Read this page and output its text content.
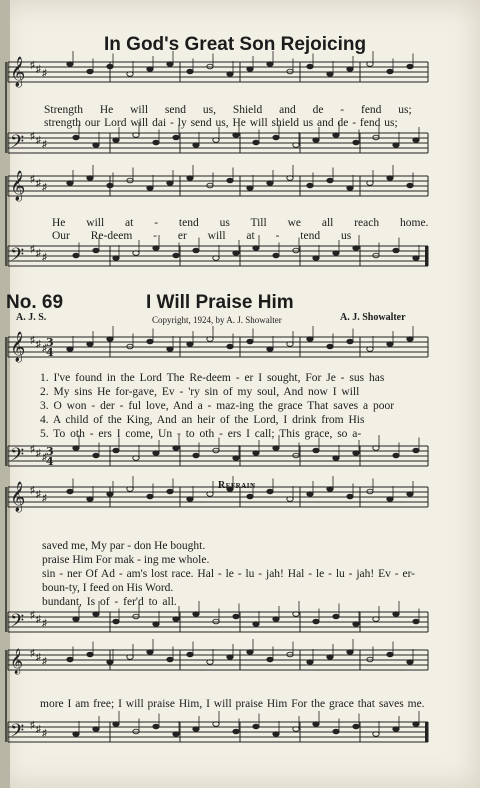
𝄞 ♯ ♯ ♯
𝄢 ♯ ♯ ♯
𝄞 ♯ ♯ ♯
𝄢 ♯ ♯ ♯
𝄞 ♯ ♯ ♯
𝄢 ♯ ♯ ♯
𝄞 ♯ ♯ ♯
𝄢 ♯ ♯ ♯
𝄞 ♯ ♯ ♯
𝄢 ♯ ♯ ♯
3
4
3
4
In God's Great Son Rejoicing
Strength He will send us, Shield and de - fend us;
strength our Lord will dai - ly send us, He will shield us and de - fend us;
He will at - tend us Till we all reach home.
Our Re-deem - er will at - tend us
No. 69	I Will Praise Him
A. J. S.	Copyright, 1924, by A. J. Showalter	A. J. Showalter
1. I've found in the Lord The Re-deem - er I sought, For Je - sus has
2. My sins He for-gave, Ev - 'ry sin of my soul, And now I will
3. O won - der - ful love, And a - maz-ing the grace That saves a poor
4. A child of the King, And an heir of the Lord, I drink from His
5. To oth - ers I come, Un - to oth - ers I call; This grace, so a-
Refrain
saved me, My par - don He bought.
praise Him For mak - ing me whole.
sin - ner Of Ad - am's lost race. Hal - le - lu - jah! Hal - le - lu - jah! Ev - er-
boun-ty, I feed on His Word.
bundant, Is of - fer'd to all.
more I am free; I will praise Him, I will praise Him For the grace that saves me.
